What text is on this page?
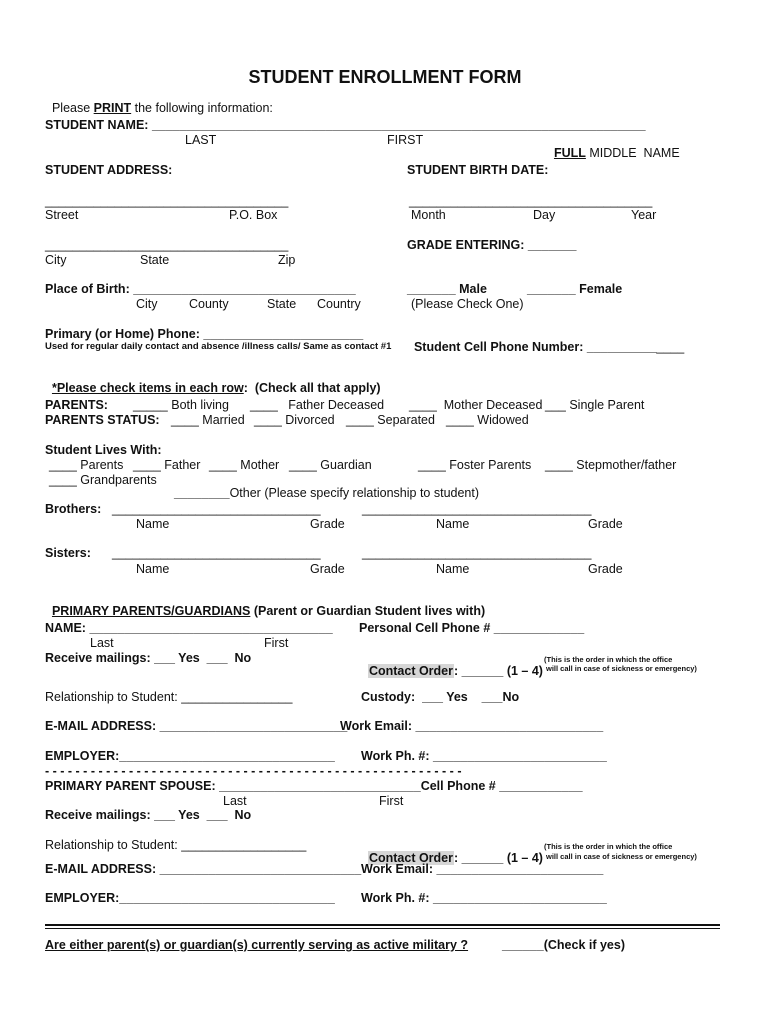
STUDENT ENROLLMENT FORM

Please PRINT the following information:

STUDENT NAME: _______________________________________________________________________
LAST	FIRST

FULL MIDDLE  NAME

STUDENT ADDRESS:
___________________________________
Street	P.O. Box
___________________________________
City	State	Zip
STUDENT BIRTH DATE:
___________________________________
Month	Day	Year
GRADE ENTERING: _______
Place of Birth: ________________________________
City	County	State Country
_______ Male	_______ Female
(Please Check One)
Primary (or Home) Phone: _______________________

Student Cell Phone Number: ______________

Used for regular daily contact and absence /illness calls/ Same as contact #1

*Please check items in each row:  (Check all that apply)

PARENTS: _____ Both living ____   Father Deceased ____  Mother Deceased ___ Single Parent
PARENTS STATUS: ____ Married ____ Divorced ____ Separated ____ Widowed
Student Lives With:
____ Parents ____ Father ____ Mother ____ Guardian	____ Foster Parents ____ Stepmother/father
____ Grandparents

________Other (Please specify relationship to student)

Brothers: ______________________________	_________________________________
Name	Grade	Name	Grade
Sisters: ______________________________	_________________________________
Name	Grade	Name	Grade

PRIMARY PARENTS/GUARDIANS (Parent or Guardian Student lives with)

NAME: ___________________________________ Personal Cell Phone # _____________
Last	First
Receive mailings: ___ Yes  ___  No

Contact Order: ______ (1 – 4)

(This is the order in which the office
will call in case of sickness or emergency)
Relationship to Student: ________________	Custody:  ___ Yes    ___No
E-MAIL ADDRESS: ___________________________
Work Email: ___________________________
EMPLOYER:_______________________________ Work Ph. #: _________________________
- - - - - - - - - - - - - - - - - - - - - - - - - - - - - - - - - - - - - - - - - - - - - - - - - - - - - - -
PRIMARY PARENT SPOUSE: _____________________________Cell Phone # ____________
Last	First
Receive mailings: ___ Yes  ___  No
Relationship to Student: __________________

Contact Order: ______ (1 – 4)

(This is the order in which the office
will call in case of sickness or emergency)
E-MAIL ADDRESS: _____________________________ Work Email: ________________________
EMPLOYER:_______________________________ Work Ph. #: _________________________
Are either parent(s) or guardian(s) currently serving as active military ?	______(Check if yes)
